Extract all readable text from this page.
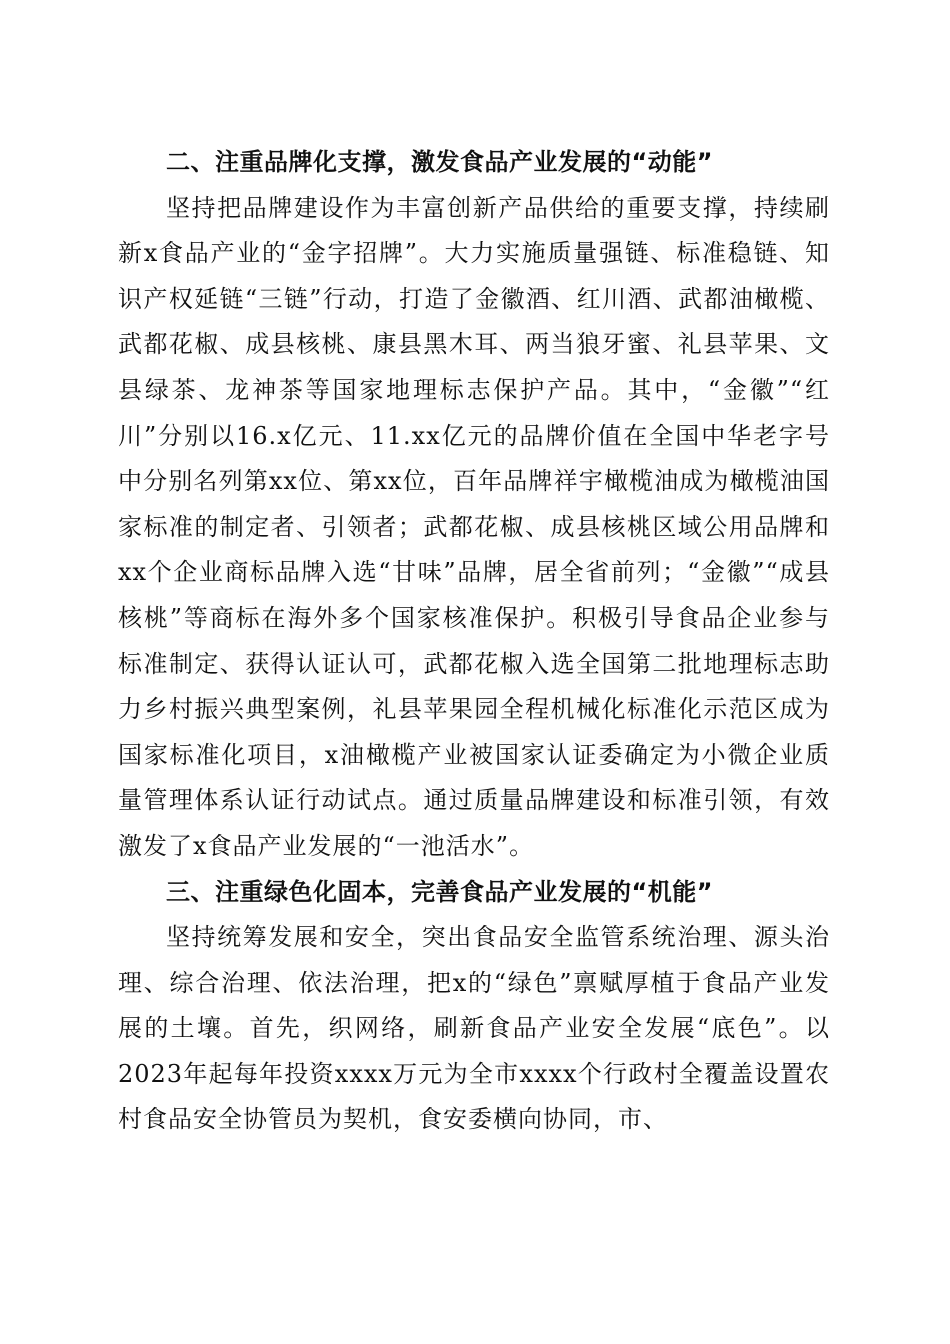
二、注重品牌化支撑，激发食品产业发展的“动能”

坚持把品牌建设作为丰富创新产品供给的重要支撑，持续刷新x食品产业的“金字招牌”。大力实施质量强链、标准稳链、知识产权延链“三链”行动，打造了金徽酒、红川酒、武都油橄榄、武都花椒、成县核桃、康县黑木耳、两当狼牙蜜、礼县苹果、文县绿茶、龙神茶等国家地理标志保护产品。其中，“金徽”“红川”分别以16.x亿元、11.xx亿元的品牌价值在全国中华老字号中分别名列第xx位、第xx位，百年品牌祥宇橄榄油成为橄榄油国家标准的制定者、引领者；武都花椒、成县核桃区域公用品牌和xx个企业商标品牌入选“甘味”品牌，居全省前列；“金徽”“成县核桃”等商标在海外多个国家核准保护。积极引导食品企业参与标准制定、获得认证认可，武都花椒入选全国第二批地理标志助力乡村振兴典型案例，礼县苹果园全程机械化标准化示范区成为国家标准化项目，x油橄榄产业被国家认证委确定为小微企业质量管理体系认证行动试点。通过质量品牌建设和标准引领，有效激发了x食品产业发展的“一池活水”。

三、注重绿色化固本，完善食品产业发展的“机能”

坚持统筹发展和安全，突出食品安全监管系统治理、源头治理、综合治理、依法治理，把x的“绿色”禀赋厚植于食品产业发展的土壤。首先，织网络，刷新食品产业安全发展“底色”。以2023年起每年投资xxxx万元为全市xxxx个行政村全覆盖设置农村食品安全协管员为契机，食安委横向协同，市、
